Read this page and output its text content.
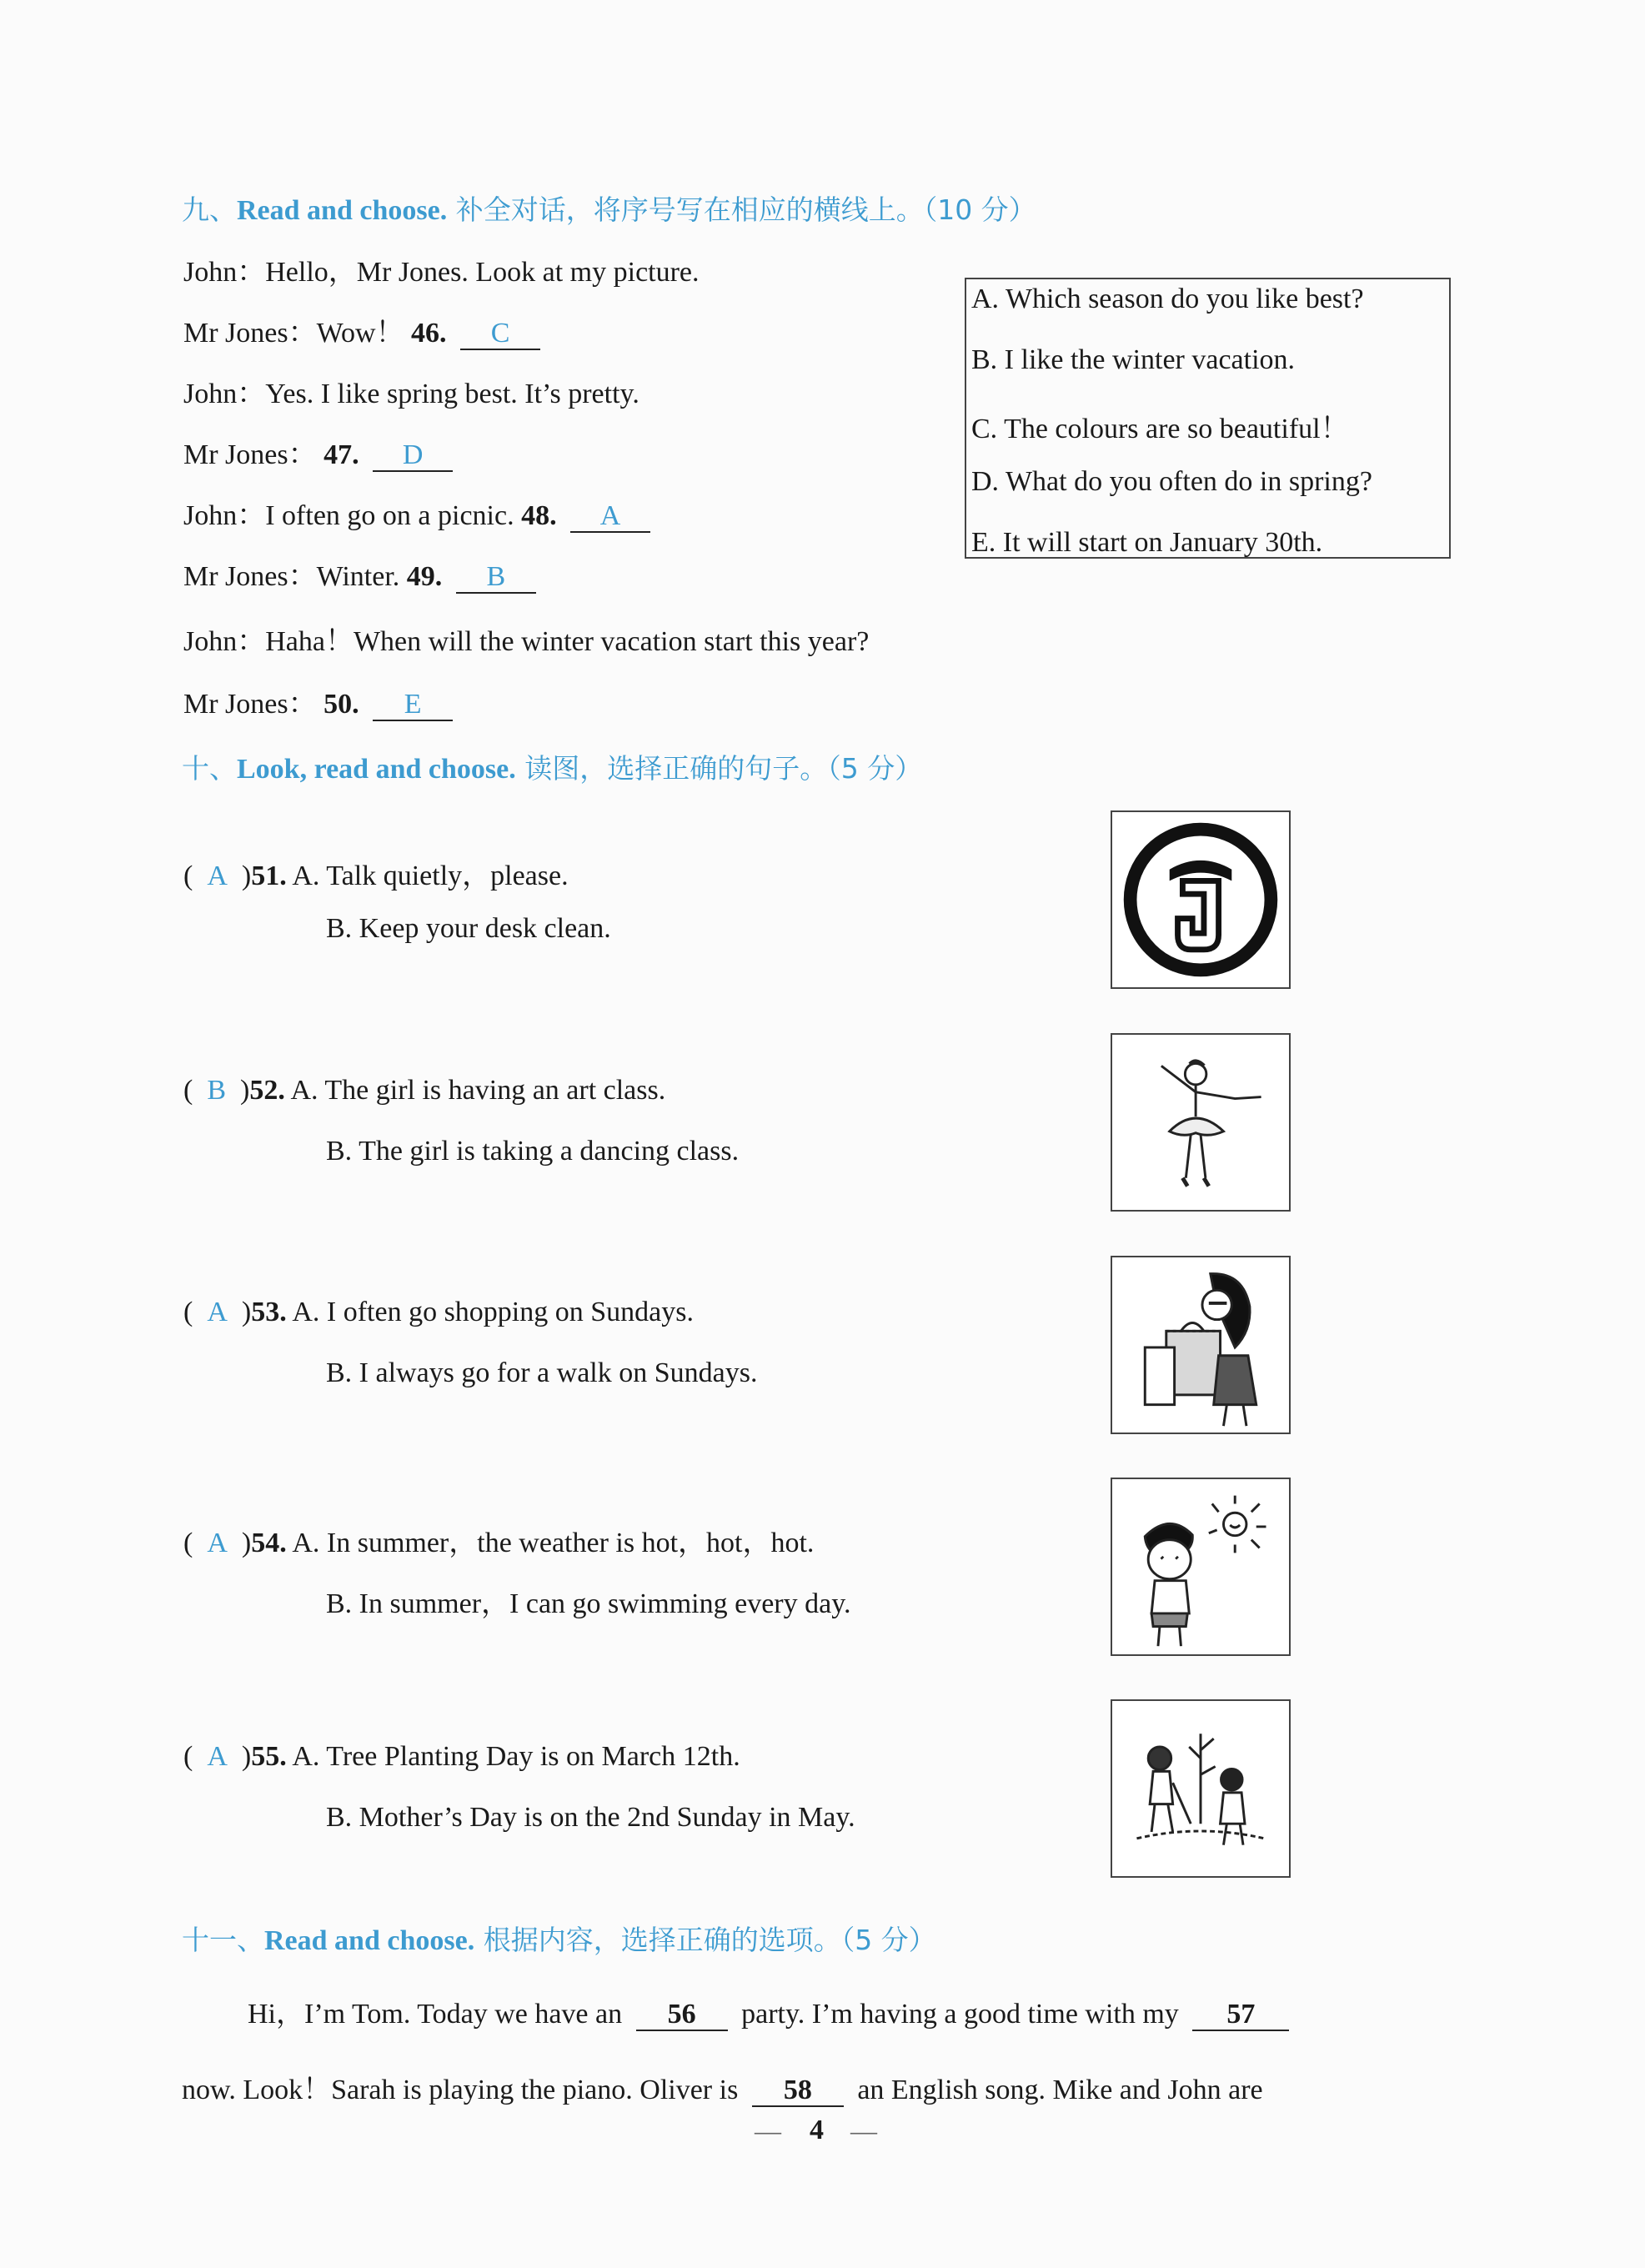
九、Read and choose. 补全对话，将序号写在相应的横线上。（10 分）
John：Hello，Mr Jones. Look at my picture.
Mr Jones：Wow！ 46. C
John：Yes. I like spring best. It’s pretty.
Mr Jones： 47. D
John：I often go on a picnic. 48. A
Mr Jones：Winter. 49. B
John：Haha！When will the winter vacation start this year?
Mr Jones： 50. E
A. Which season do you like best?
B. I like the winter vacation.
C. The colours are so beautiful！
D. What do you often do in spring?
E. It will start on January 30th.
十、Look, read and choose. 读图，选择正确的句子。（5 分）
(  A  )51. A. Talk quietly，please.
B. Keep your desk clean.
(  B  )52. A. The girl is having an art class.
B. The girl is taking a dancing class.
(  A  )53. A. I often go shopping on Sundays.
B. I always go for a walk on Sundays.
(  A  )54. A. In summer，the weather is hot，hot，hot.
B. In summer，I can go swimming every day.
(  A  )55. A. Tree Planting Day is on March 12th.
B. Mother’s Day is on the 2nd Sunday in May.
十一、Read and choose. 根据内容，选择正确的选项。（5 分）
Hi，I’m Tom. Today we have an 56 party. I’m having a good time with my 57
now. Look！Sarah is playing the piano. Oliver is 58 an English song. Mike and John are
— 4 —
